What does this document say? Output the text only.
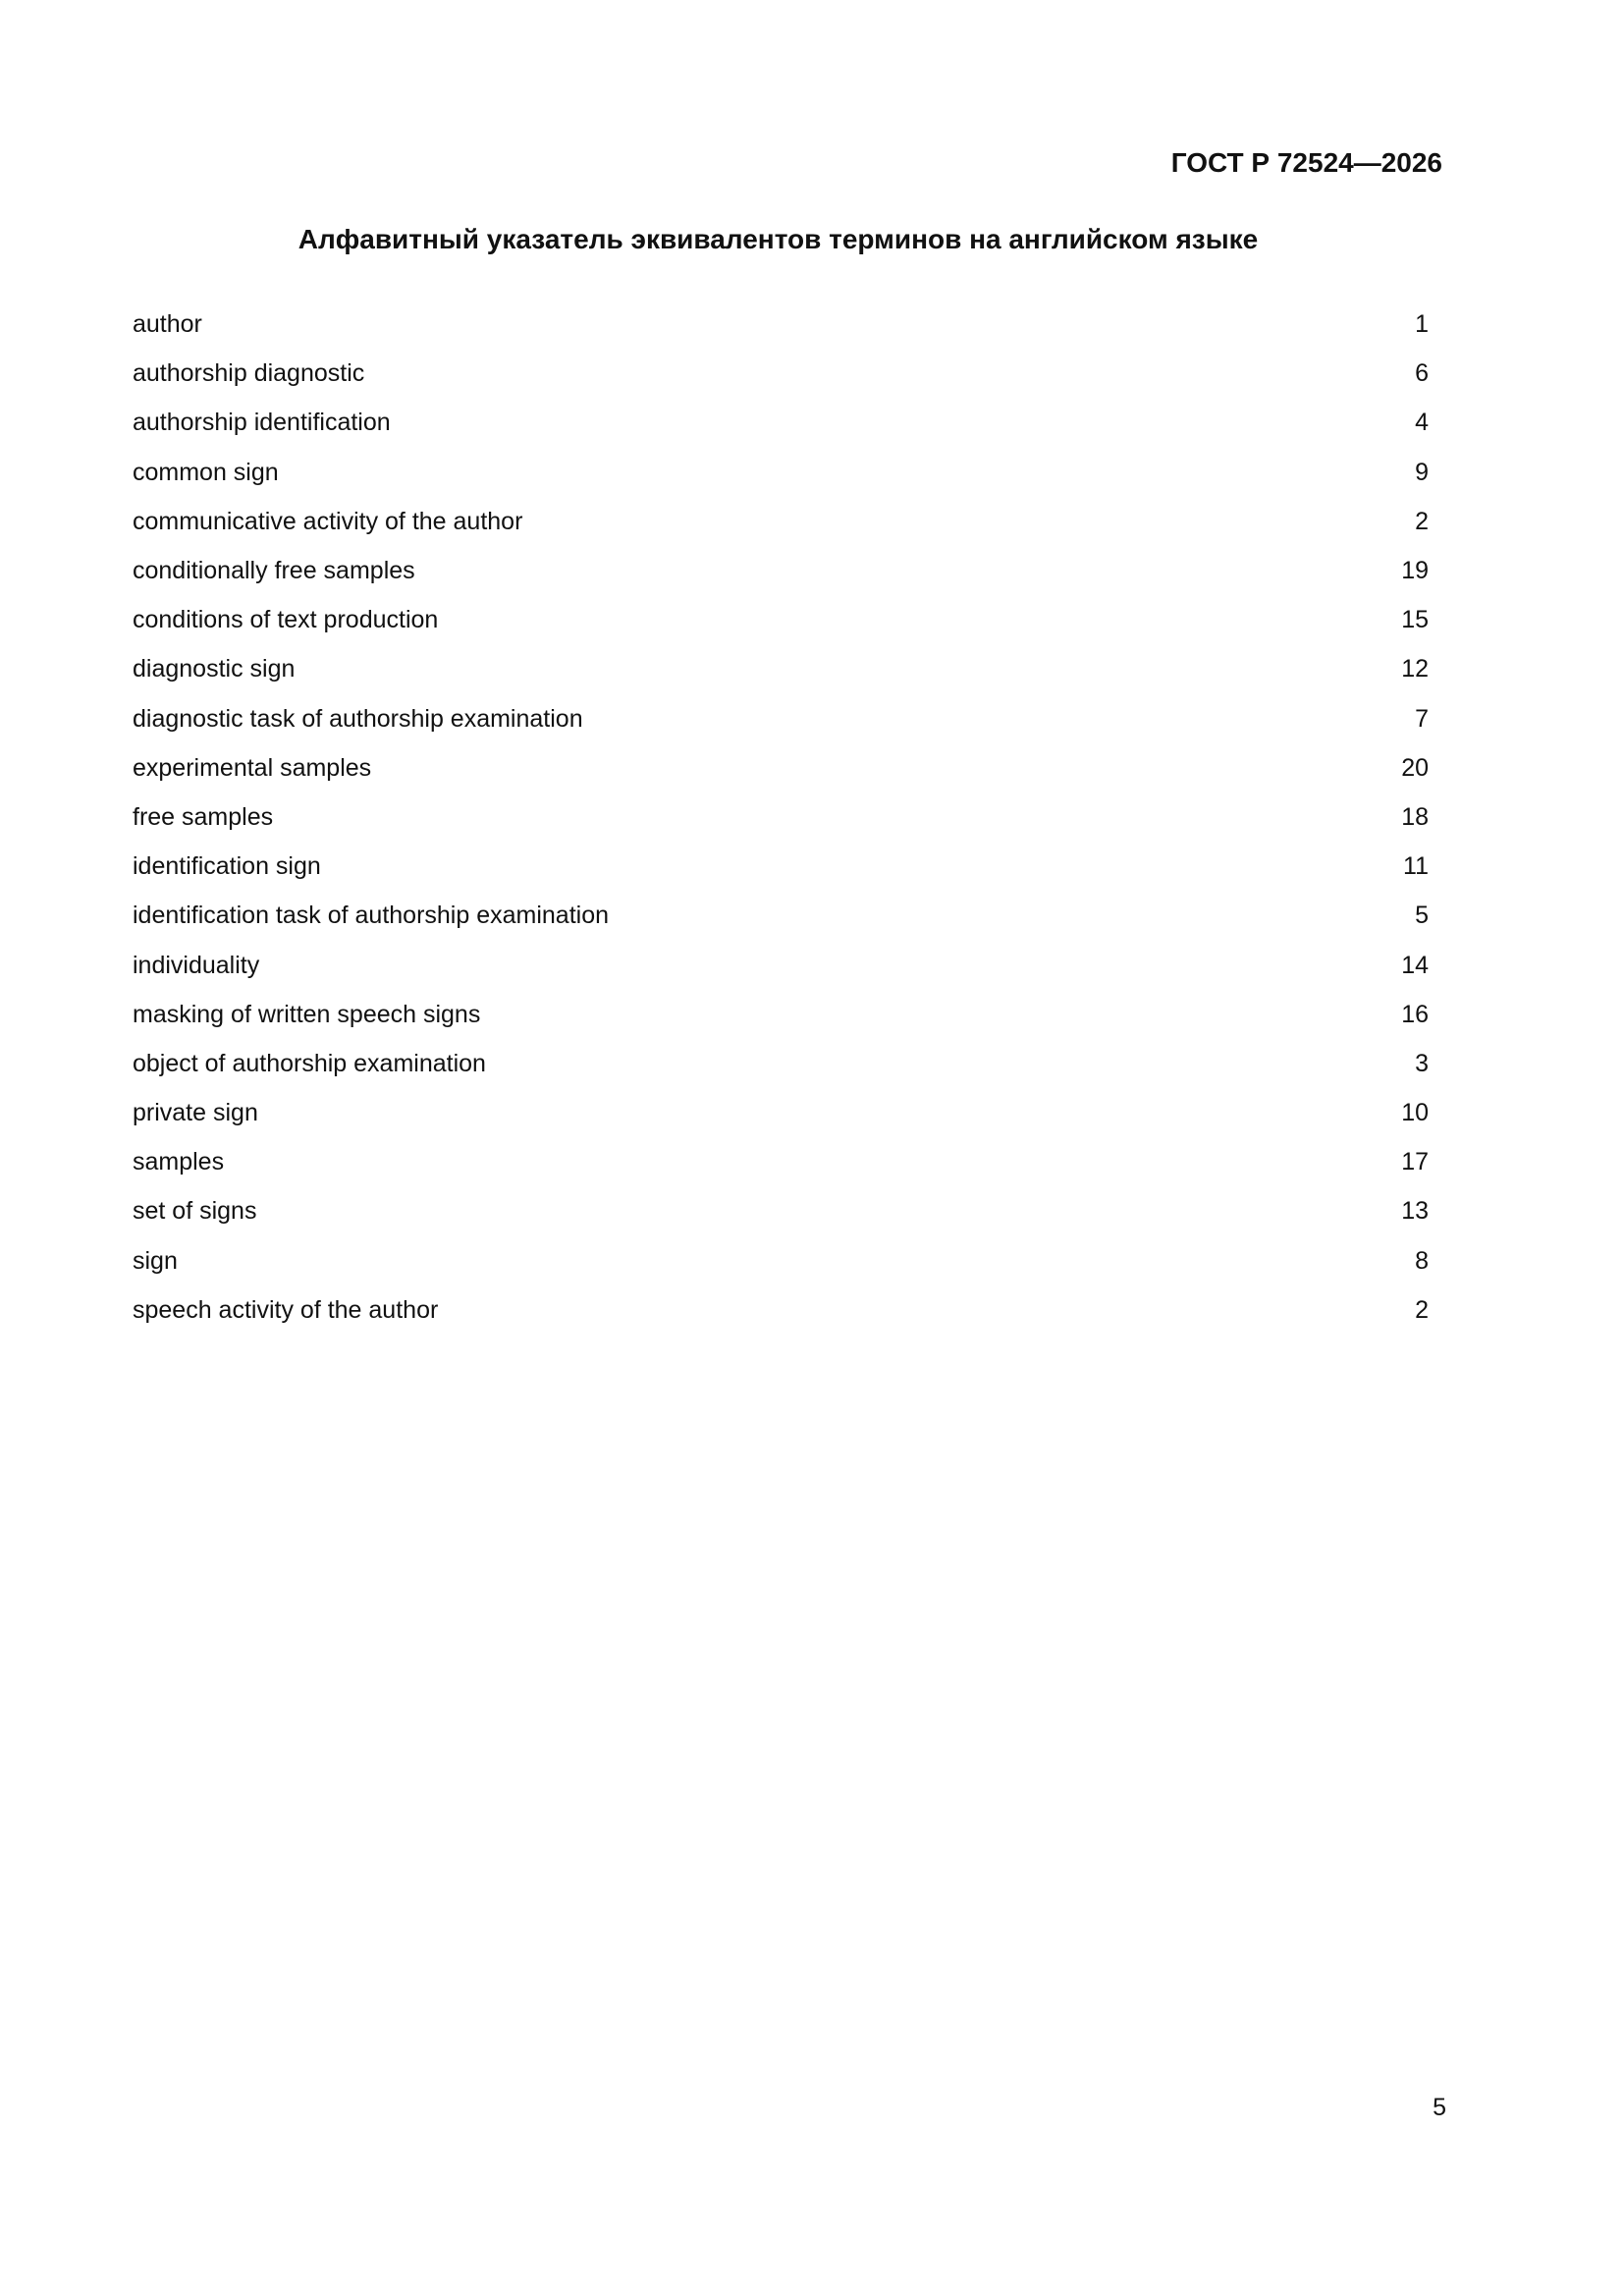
ГОСТ Р 72524—2026
Алфавитный указатель эквивалентов терминов на английском языке
author	1
authorship diagnostic	6
authorship identification	4
common sign	9
communicative activity of the author	2
conditionally free samples	19
conditions of text production	15
diagnostic sign	12
diagnostic task of authorship examination	7
experimental samples	20
free samples	18
identification sign	11
identification task of authorship examination	5
individuality	14
masking of written speech signs	16
object of authorship examination	3
private sign	10
samples	17
set of signs	13
sign	8
speech activity of the author	2
5
